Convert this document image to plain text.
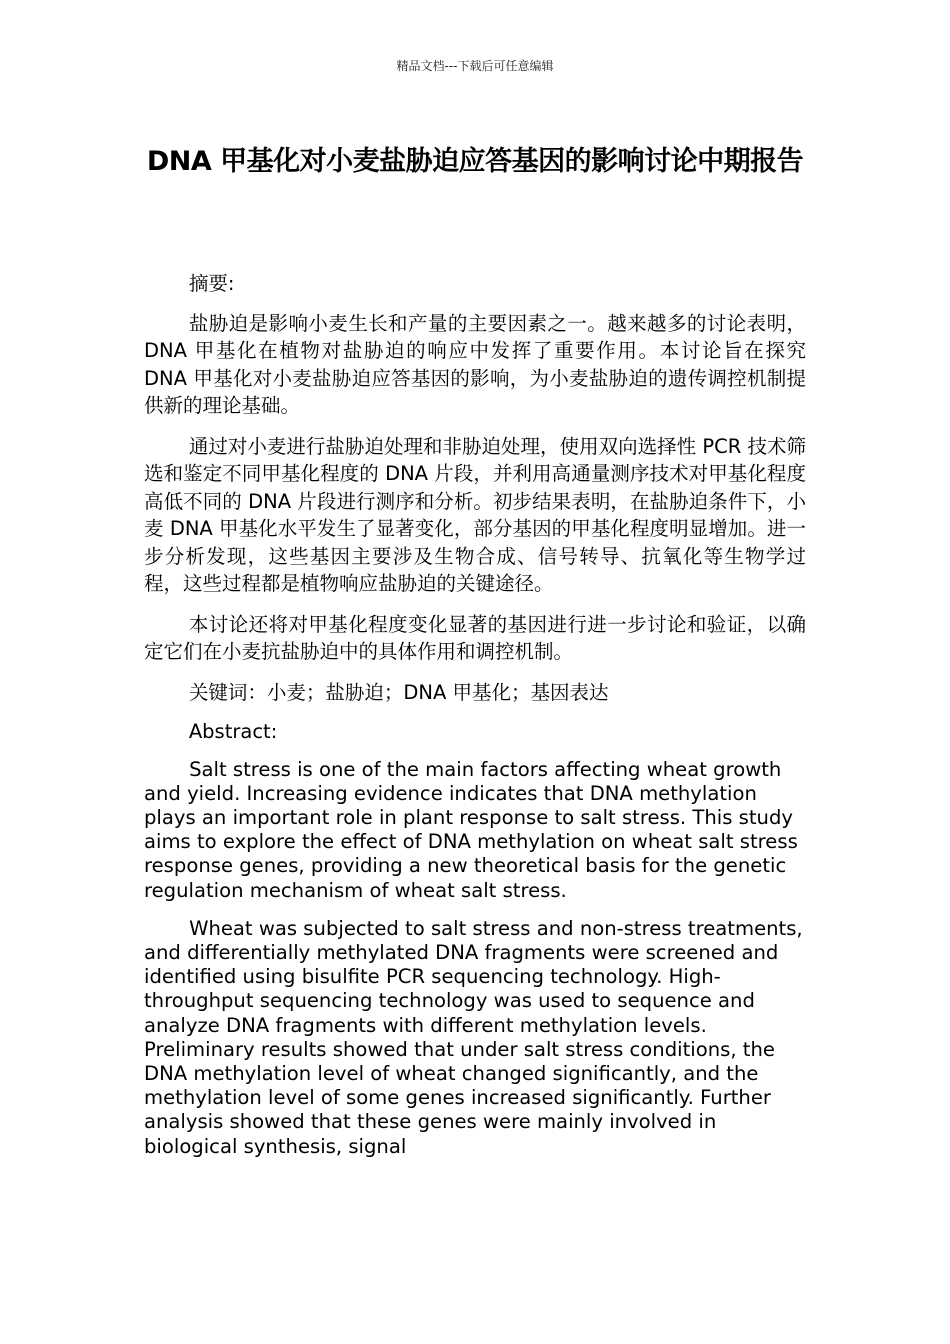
精品文档---下载后可任意编辑
DNA 甲基化对小麦盐胁迫应答基因的影响讨论中期报告

摘要:

盐胁迫是影响小麦生长和产量的主要因素之一。越来越多的讨论表明，DNA 甲基化在植物对盐胁迫的响应中发挥了重要作用。本讨论旨在探究 DNA 甲基化对小麦盐胁迫应答基因的影响，为小麦盐胁迫的遗传调控机制提供新的理论基础。

通过对小麦进行盐胁迫处理和非胁迫处理，使用双向选择性 PCR 技术筛选和鉴定不同甲基化程度的 DNA 片段，并利用高通量测序技术对甲基化程度高低不同的 DNA 片段进行测序和分析。初步结果表明，在盐胁迫条件下，小麦 DNA 甲基化水平发生了显著变化，部分基因的甲基化程度明显增加。进一步分析发现，这些基因主要涉及生物合成、信号转导、抗氧化等生物学过程，这些过程都是植物响应盐胁迫的关键途径。

本讨论还将对甲基化程度变化显著的基因进行进一步讨论和验证，以确定它们在小麦抗盐胁迫中的具体作用和调控机制。

关键词：小麦；盐胁迫；DNA 甲基化；基因表达

Abstract:

Salt stress is one of the main factors affecting wheat growth and yield. Increasing evidence indicates that DNA methylation plays an important role in plant response to salt stress. This study aims to explore the effect of DNA methylation on wheat salt stress response genes, providing a new theoretical basis for the genetic regulation mechanism of wheat salt stress.

Wheat was subjected to salt stress and non-stress treatments, and differentially methylated DNA fragments were screened and identified using bisulfite PCR sequencing technology. High-throughput sequencing technology was used to sequence and analyze DNA fragments with different methylation levels. Preliminary results showed that under salt stress conditions, the DNA methylation level of wheat changed significantly, and the methylation level of some genes increased significantly. Further analysis showed that these genes were mainly involved in biological synthesis, signal
